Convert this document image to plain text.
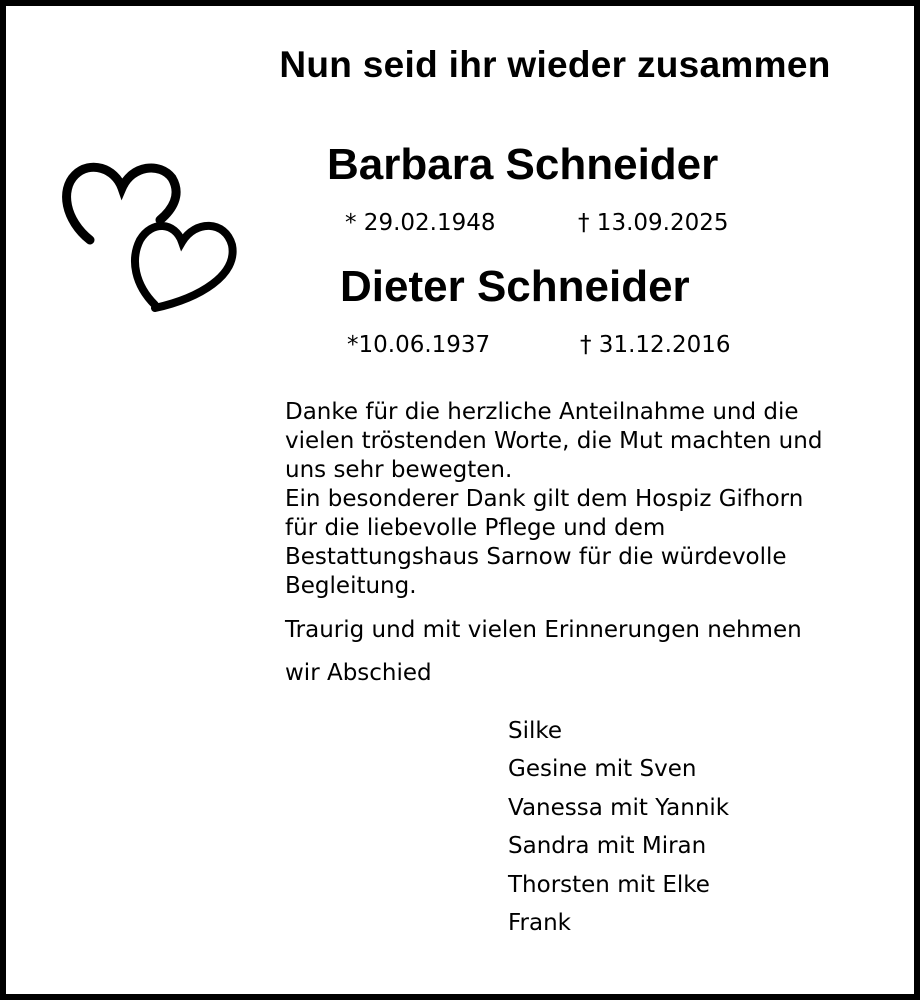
Nun seid ihr wieder zusammen
Barbara Schneider
* 29.02.1948	† 13.09.2025
Dieter Schneider
*10.06.1937	† 31.12.2016
Danke für die herzliche Anteilnahme und die
vielen tröstenden Worte, die Mut machten und
uns sehr bewegten.
Ein besonderer Dank gilt dem Hospiz Gifhorn
für die liebevolle Pflege und dem
Bestattungshaus Sarnow für die würdevolle
Begleitung.
Traurig und mit vielen Erinnerungen nehmen
wir Abschied
Silke
Gesine mit Sven
Vanessa mit Yannik
Sandra mit Miran
Thorsten mit Elke
Frank
